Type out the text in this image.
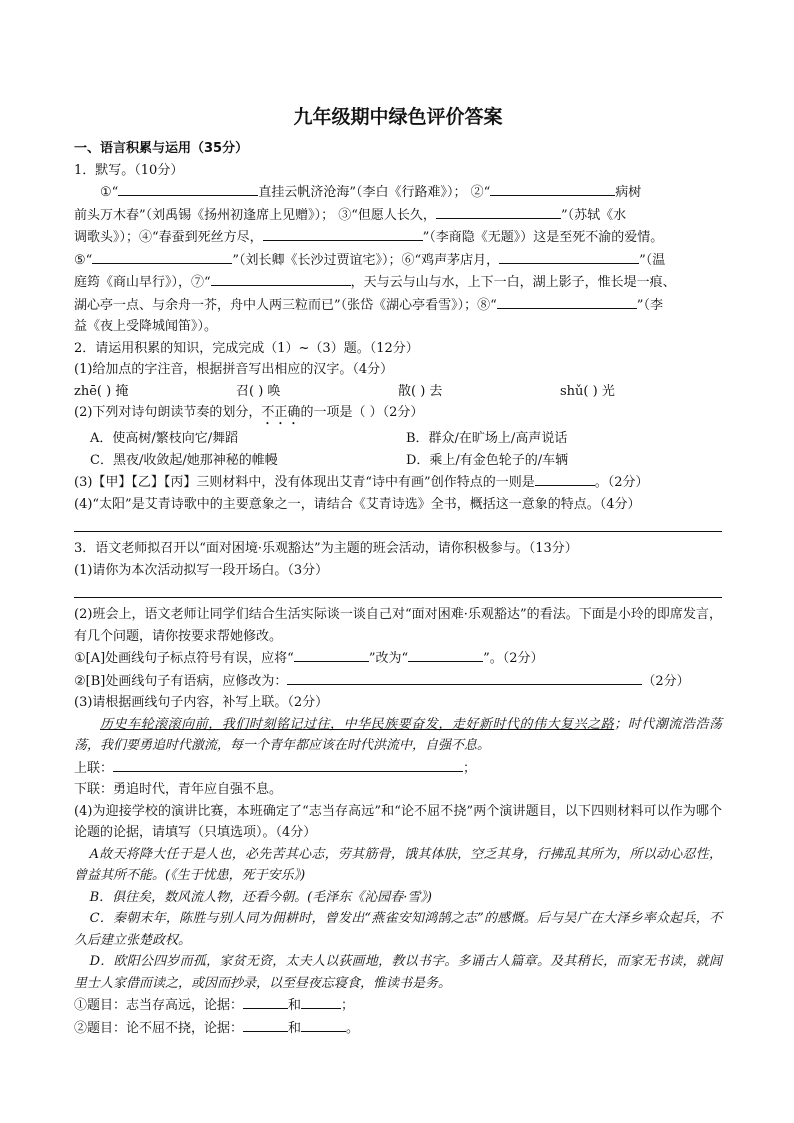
九年级期中绿色评价答案
一、语言积累与运用（35分）

1．默写。（10分）

①“	直挂云帆济沧海”（李白《行路难》）； ②“	病树

前头万木春”（刘禹锡《扬州初逢席上见赠》）； ③“但愿人长久，	”（苏轼《水

调歌头》）；④“春蚕到死丝方尽，	”（李商隐《无题》）这是至死不渝的爱情。

⑤“	”（刘长卿《长沙过贾谊宅》）；⑥“鸡声茅店月，	”（温

庭筠《商山早行》），⑦“	，天与云与山与水，上下一白，湖上影子，惟长堤一痕、

湖心亭一点、与余舟一芥，舟中人两三粒而已”（张岱《湖心亭看雪》）；⑧“	”（李

益《夜上受降城闻笛》）。

2．请运用积累的知识，完成完成（1）~（3）题。（12分）

(1)给加点的字注音，根据拼音写出相应的汉字。（4分）

zhē( ) 掩	召( ) 唤	散( ) 去	shǔ( ) 光

(2)下列对诗句朗读节奏的划分，不正确的一项是（ ）（2分）

A．使高树/繁枝向它/舞蹈	B．群众/在旷场上/高声说话
C．黑夜/收敛起/她那神秘的帷幔	D．乘上/有金色轮子的/车辆

(3)【甲】【乙】【丙】三则材料中，没有体现出艾青“诗中有画”创作特点的一则是	。（2分）

(4)“太阳”是艾青诗歌中的主要意象之一，请结合《艾青诗选》全书，概括这一意象的特点。（4分）

3．语文老师拟召开以“面对困境·乐观豁达”为主题的班会活动，请你积极参与。（13分）

(1)请你为本次活动拟写一段开场白。（3分）

(2)班会上，语文老师让同学们结合生活实际谈一谈自己对“面对困难·乐观豁达”的看法。下面是小玲的即席发言，有几个问题，请你按要求帮她修改。

①[A]处画线句子标点符号有误，应将“	”改为“	”。（2分）

②[B]处画线句子有语病，应修改为：	（2分）

(3)请根据画线句子内容，补写上联。（2分）

历史车轮滚滚向前，我们时刻铭记过往，中华民族要奋发，走好新时代的伟大复兴之路；时代潮流浩浩荡荡，我们要勇追时代激流，每一个青年都应该在时代洪流中，自强不息。

上联：	；

下联：勇追时代，青年应自强不息。

(4)为迎接学校的演讲比赛，本班确定了“志当存高远”和“论不屈不挠”两个演讲题目，以下四则材料可以作为哪个论题的论据，请填写（只填选项）。（4分）

A故天将降大任于是人也，必先苦其心志，劳其筋骨，饿其体肤，空乏其身，行拂乱其所为，所以动心忍性，曾益其所不能。(《生于忧患，死于安乐》)

B．俱往矣，数风流人物，还看今朝。(毛泽东《沁园春·雪》)

C．秦朝末年，陈胜与别人同为佣耕时，曾发出“燕雀安知鸿鹄之志”的感慨。后与吴广在大泽乡率众起兵，不久后建立张楚政权。

D．欧阳公四岁而孤，家贫无资，太夫人以荻画地，教以书字。多诵古人篇章。及其稍长，而家无书读，就闾里士人家借而读之，或因而抄录，以至昼夜忘寝食，惟读书是务。

①题目：志当存高远，论据：	和	；

②题目：论不屈不挠，论据：	和	。
